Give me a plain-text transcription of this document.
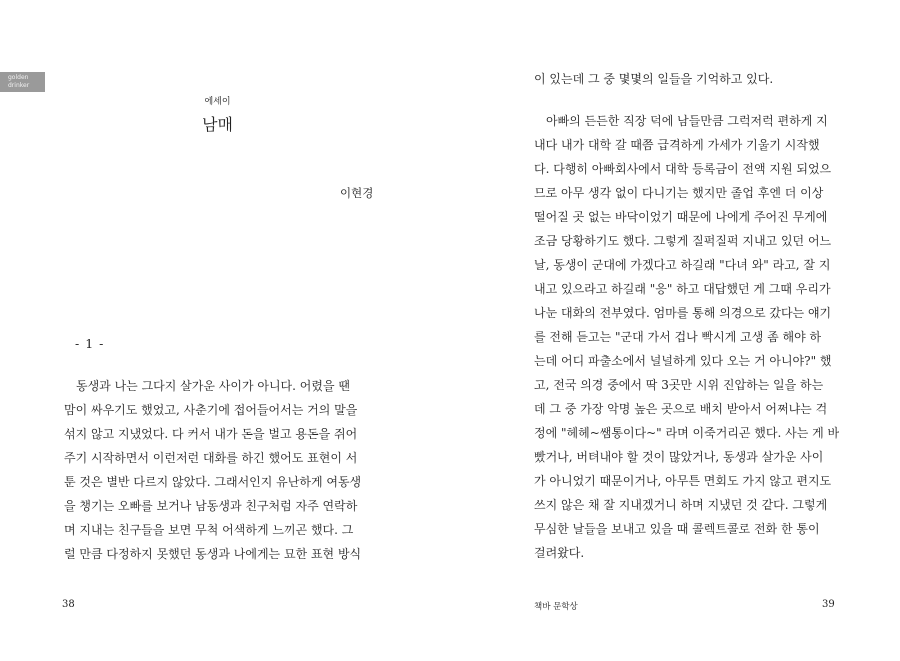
golden
drinker
에세이
남매
이현경
- 1 -

동생과 나는 그다지 살가운 사이가 아니다. 어렸을 땐
맘이 싸우기도 했었고, 사춘기에 접어들어서는 거의 말을
섞지 않고 지냈었다. 다 커서 내가 돈을 벌고 용돈을 쥐어
주기 시작하면서 이런저런 대화를 하긴 했어도 표현이 서
툰 것은 별반 다르지 않았다. 그래서인지 유난하게 여동생
을 챙기는 오빠를 보거나 남동생과 친구처럼 자주 연락하
며 지내는 친구들을 보면 무척 어색하게 느끼곤 했다. 그
럴 만큼 다정하지 못했던 동생과 나에게는 묘한 표현 방식

38

이 있는데 그 중 몇몇의 일들을 기억하고 있다.

아빠의 든든한 직장 덕에 남들만큼 그럭저럭 편하게 지
내다 내가 대학 갈 때쯤 급격하게 가세가 기울기 시작했
다. 다행히 아빠회사에서 대학 등록금이 전액 지원 되었으
므로 아무 생각 없이 다니기는 했지만 졸업 후엔 더 이상
떨어질 곳 없는 바닥이었기 때문에 나에게 주어진 무게에
조금 당황하기도 했다. 그렇게 질퍽질퍽 지내고 있던 어느
날, 동생이 군대에 가겠다고 하길래 "다녀 와" 라고, 잘 지
내고 있으라고 하길래 "응" 하고 대답했던 게 그때 우리가
나눈 대화의 전부였다. 엄마를 통해 의경으로 갔다는 얘기
를 전해 듣고는 "군대 가서 겁나 빡시게 고생 좀 해야 하
는데 어디 파출소에서 널널하게 있다 오는 거 아니야?" 했
고, 전국 의경 중에서 딱 3곳만 시위 진압하는 일을 하는
데 그 중 가장 악명 높은 곳으로 배치 받아서 어쩌냐는 걱
정에 "헤헤~쌤통이다~" 라며 이죽거리곤 했다. 사는 게 바
빴거나, 버텨내야 할 것이 많았거나, 동생과 살가운 사이
가 아니었기 때문이거나, 아무튼 면회도 가지 않고 편지도
쓰지 않은 채 잘 지내겠거니 하며 지냈던 것 같다. 그렇게
무심한 날들을 보내고 있을 때 콜렉트콜로 전화 한 통이
걸려왔다.

책바 문학상	39
